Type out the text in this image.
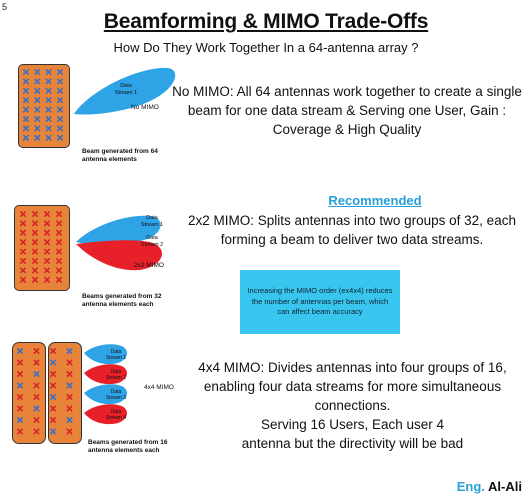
5
Beamforming & MIMO Trade-Offs
How Do They Work Together In a 64-antenna array ?
Data
Stream 1
No MIMO
Beam generated from 64 antenna elements
No MIMO: All 64 antennas work together to create a single beam for one data stream & Serving one User, Gain : Coverage & High Quality
Data
Stream 1
Data
Stream 2
2x2 MIMO
Beams generated from 32 antenna elements each
Recommended
2x2 MIMO: Splits antennas into two groups of 32, each forming a beam to deliver two data streams.
Increasing the MIMO order (ex4x4) reduces the number of antennas per beam, which can affect beam accuracy
Data
Stream 1
Data
Stream 2
Data
Stream 3
Data
Stream 4
4x4 MIMO
Beams generated from 16 antenna elements each
4x4 MIMO: Divides antennas into four groups of 16, enabling four data streams for more simultaneous connections.
Serving 16 Users, Each user 4 antenna but the directivity will be bad
Eng. Al-Ali
